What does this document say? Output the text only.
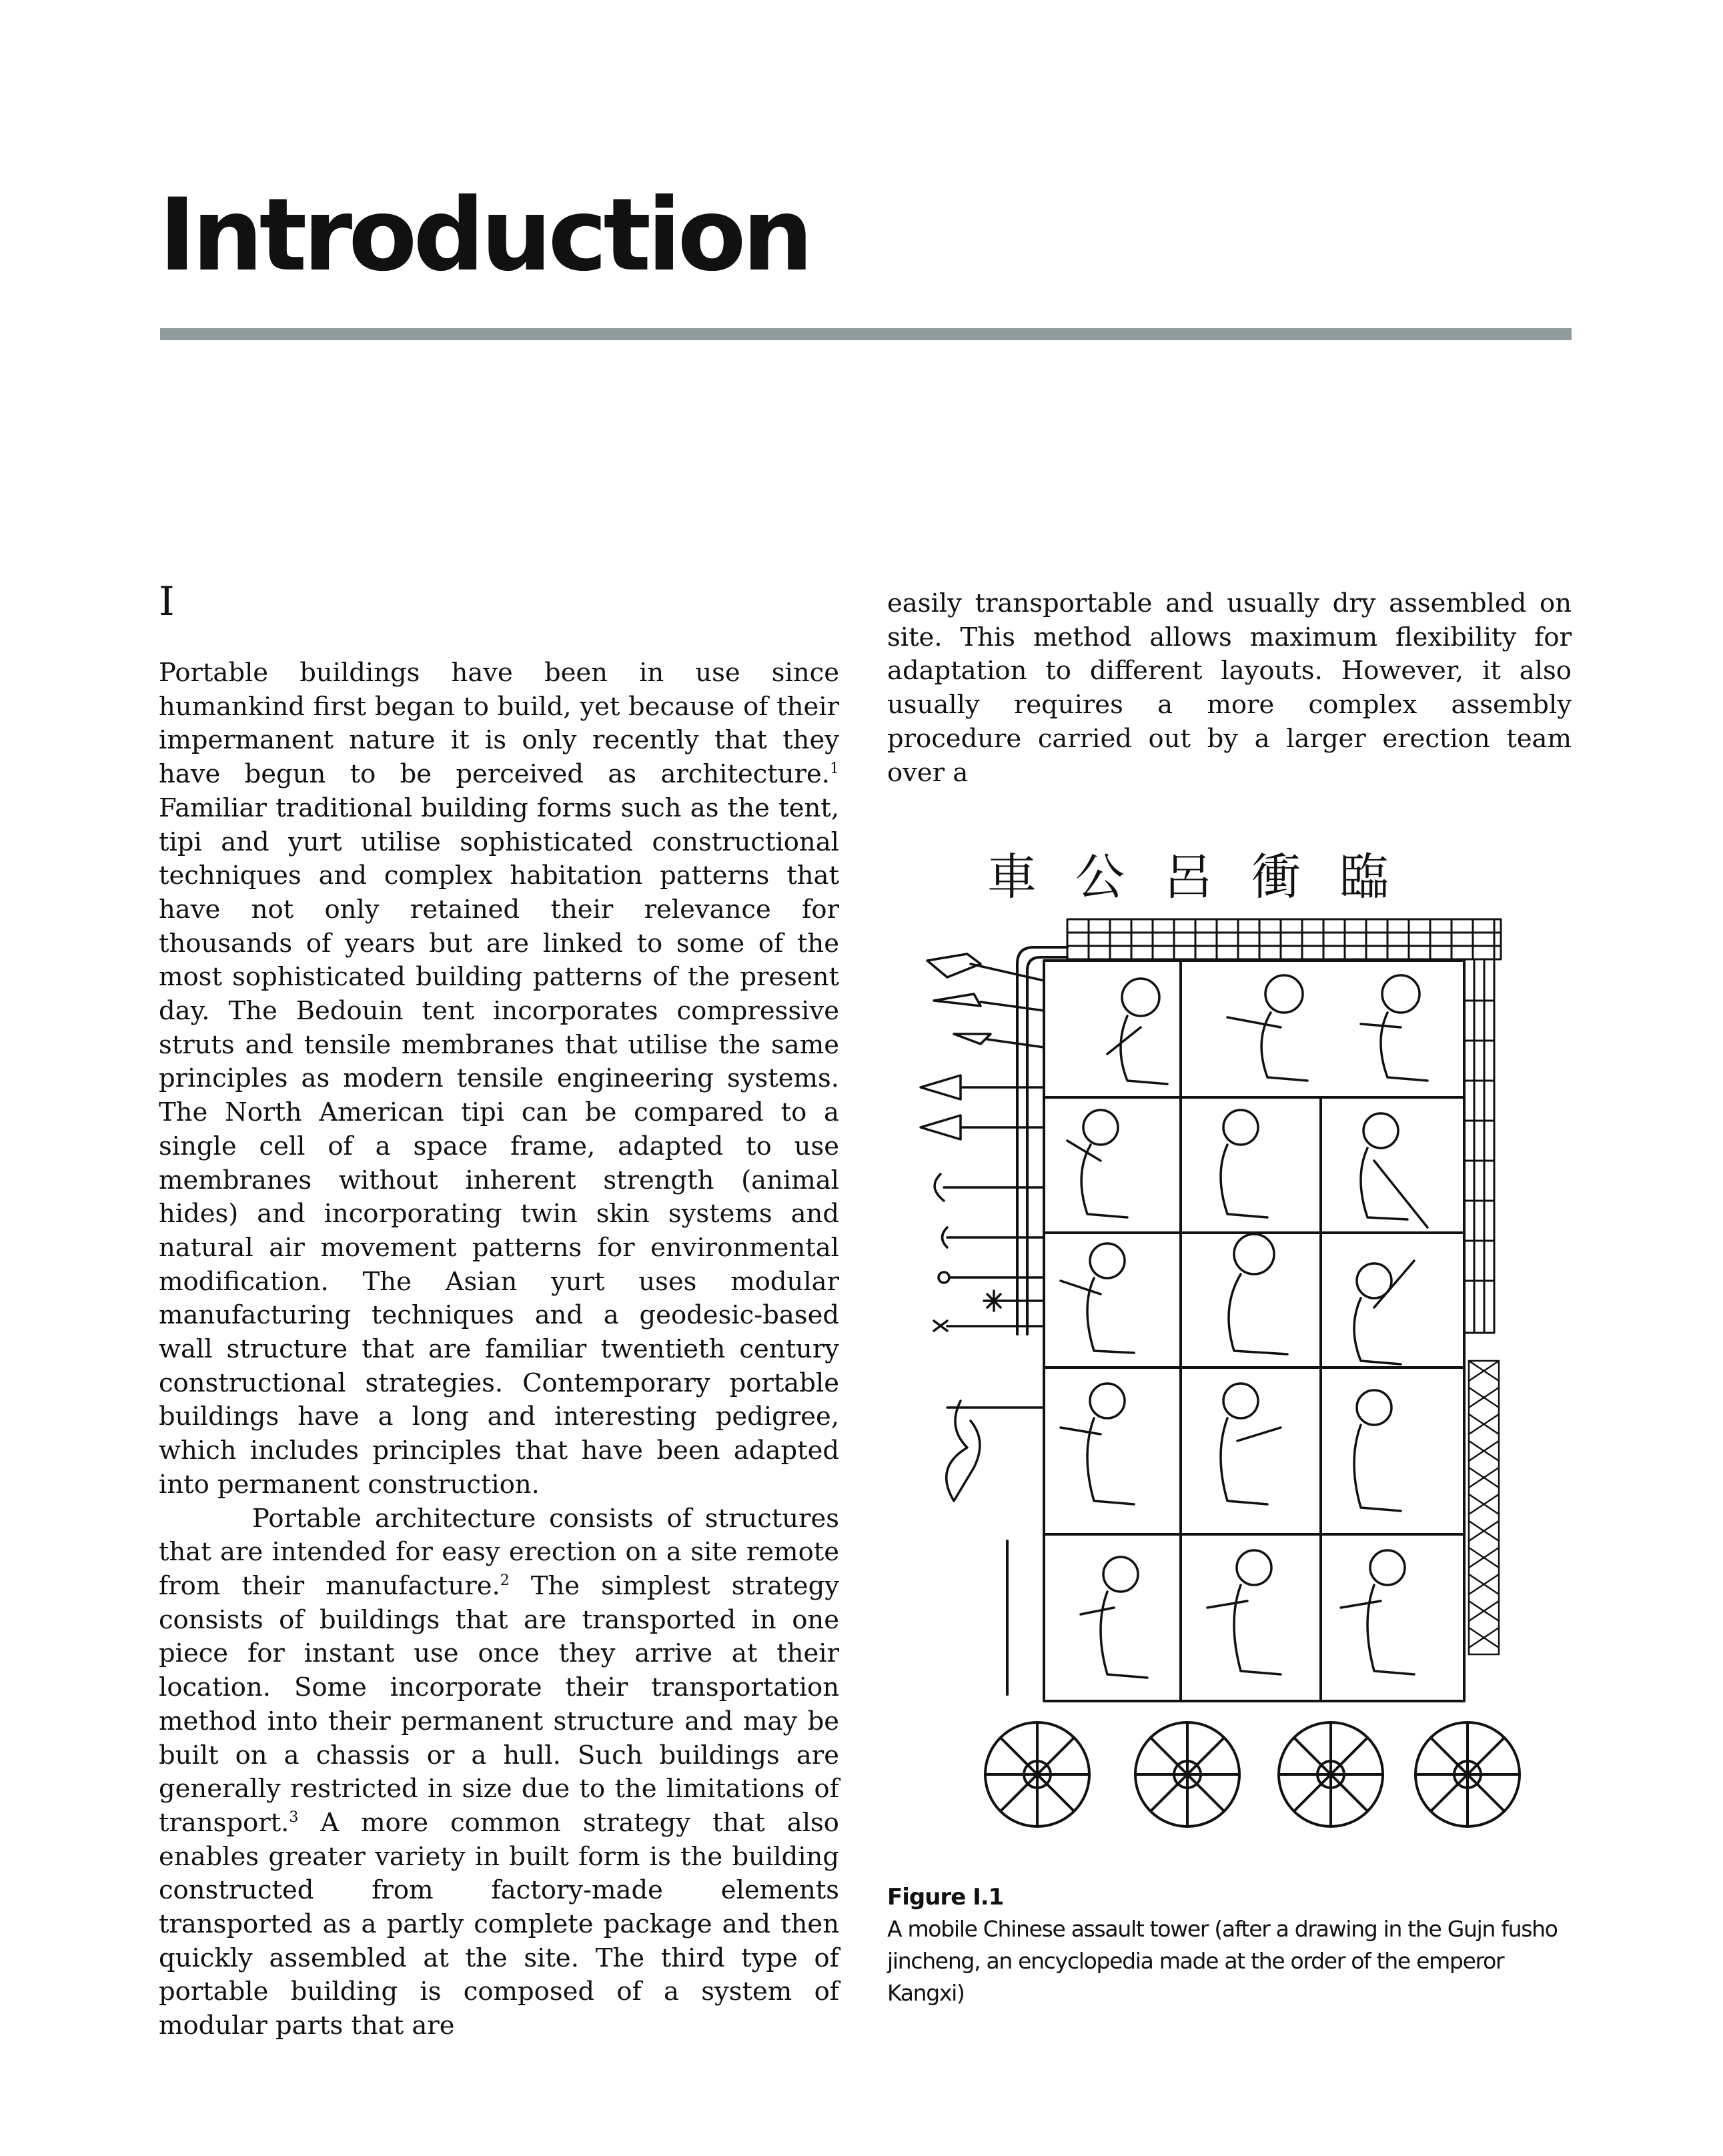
Introduction
I

Portable buildings have been in use since humankind first began to build, yet because of their impermanent nature it is only recently that they have begun to be perceived as architecture.$^1$ Familiar traditional building forms such as the tent, tipi and yurt utilise sophisticated constructional techniques and complex habitation patterns that have not only retained their relevance for thousands of years but are linked to some of the most sophisticated building patterns of the present day. The Bedouin tent incorporates compressive struts and tensile membranes that utilise the same principles as modern tensile engineering systems. The North American tipi can be compared to a single cell of a space frame, adapted to use membranes without inherent strength (animal hides) and incorporating twin skin systems and natural air movement patterns for environmental modification. The Asian yurt uses modular manufacturing techniques and a geodesic-based wall structure that are familiar twentieth century constructional strategies. Contemporary portable buildings have a long and interesting pedigree, which includes principles that have been adapted into permanent construction.

Portable architecture consists of structures that are intended for easy erection on a site remote from their manufacture.$^2$ The simplest strategy consists of buildings that are transported in one piece for instant use once they arrive at their location. Some incorporate their transportation method into their permanent structure and may be built on a chassis or a hull. Such buildings are generally restricted in size due to the limitations of transport.$^3$ A more common strategy that also enables greater variety in built form is the building constructed from factory-made elements transported as a partly complete package and then quickly assembled at the site. The third type of portable building is composed of a system of modular parts that are

easily transportable and usually dry assembled on site. This method allows maximum flexibility for adaptation to different layouts. However, it also usually requires a more complex assembly procedure carried out by a larger erection team over a

車公呂衝臨
Figure I.1
A mobile Chinese assault tower (after a drawing in the Gujn fusho jincheng, an encyclopedia made at the order of the emperor Kangxi)
